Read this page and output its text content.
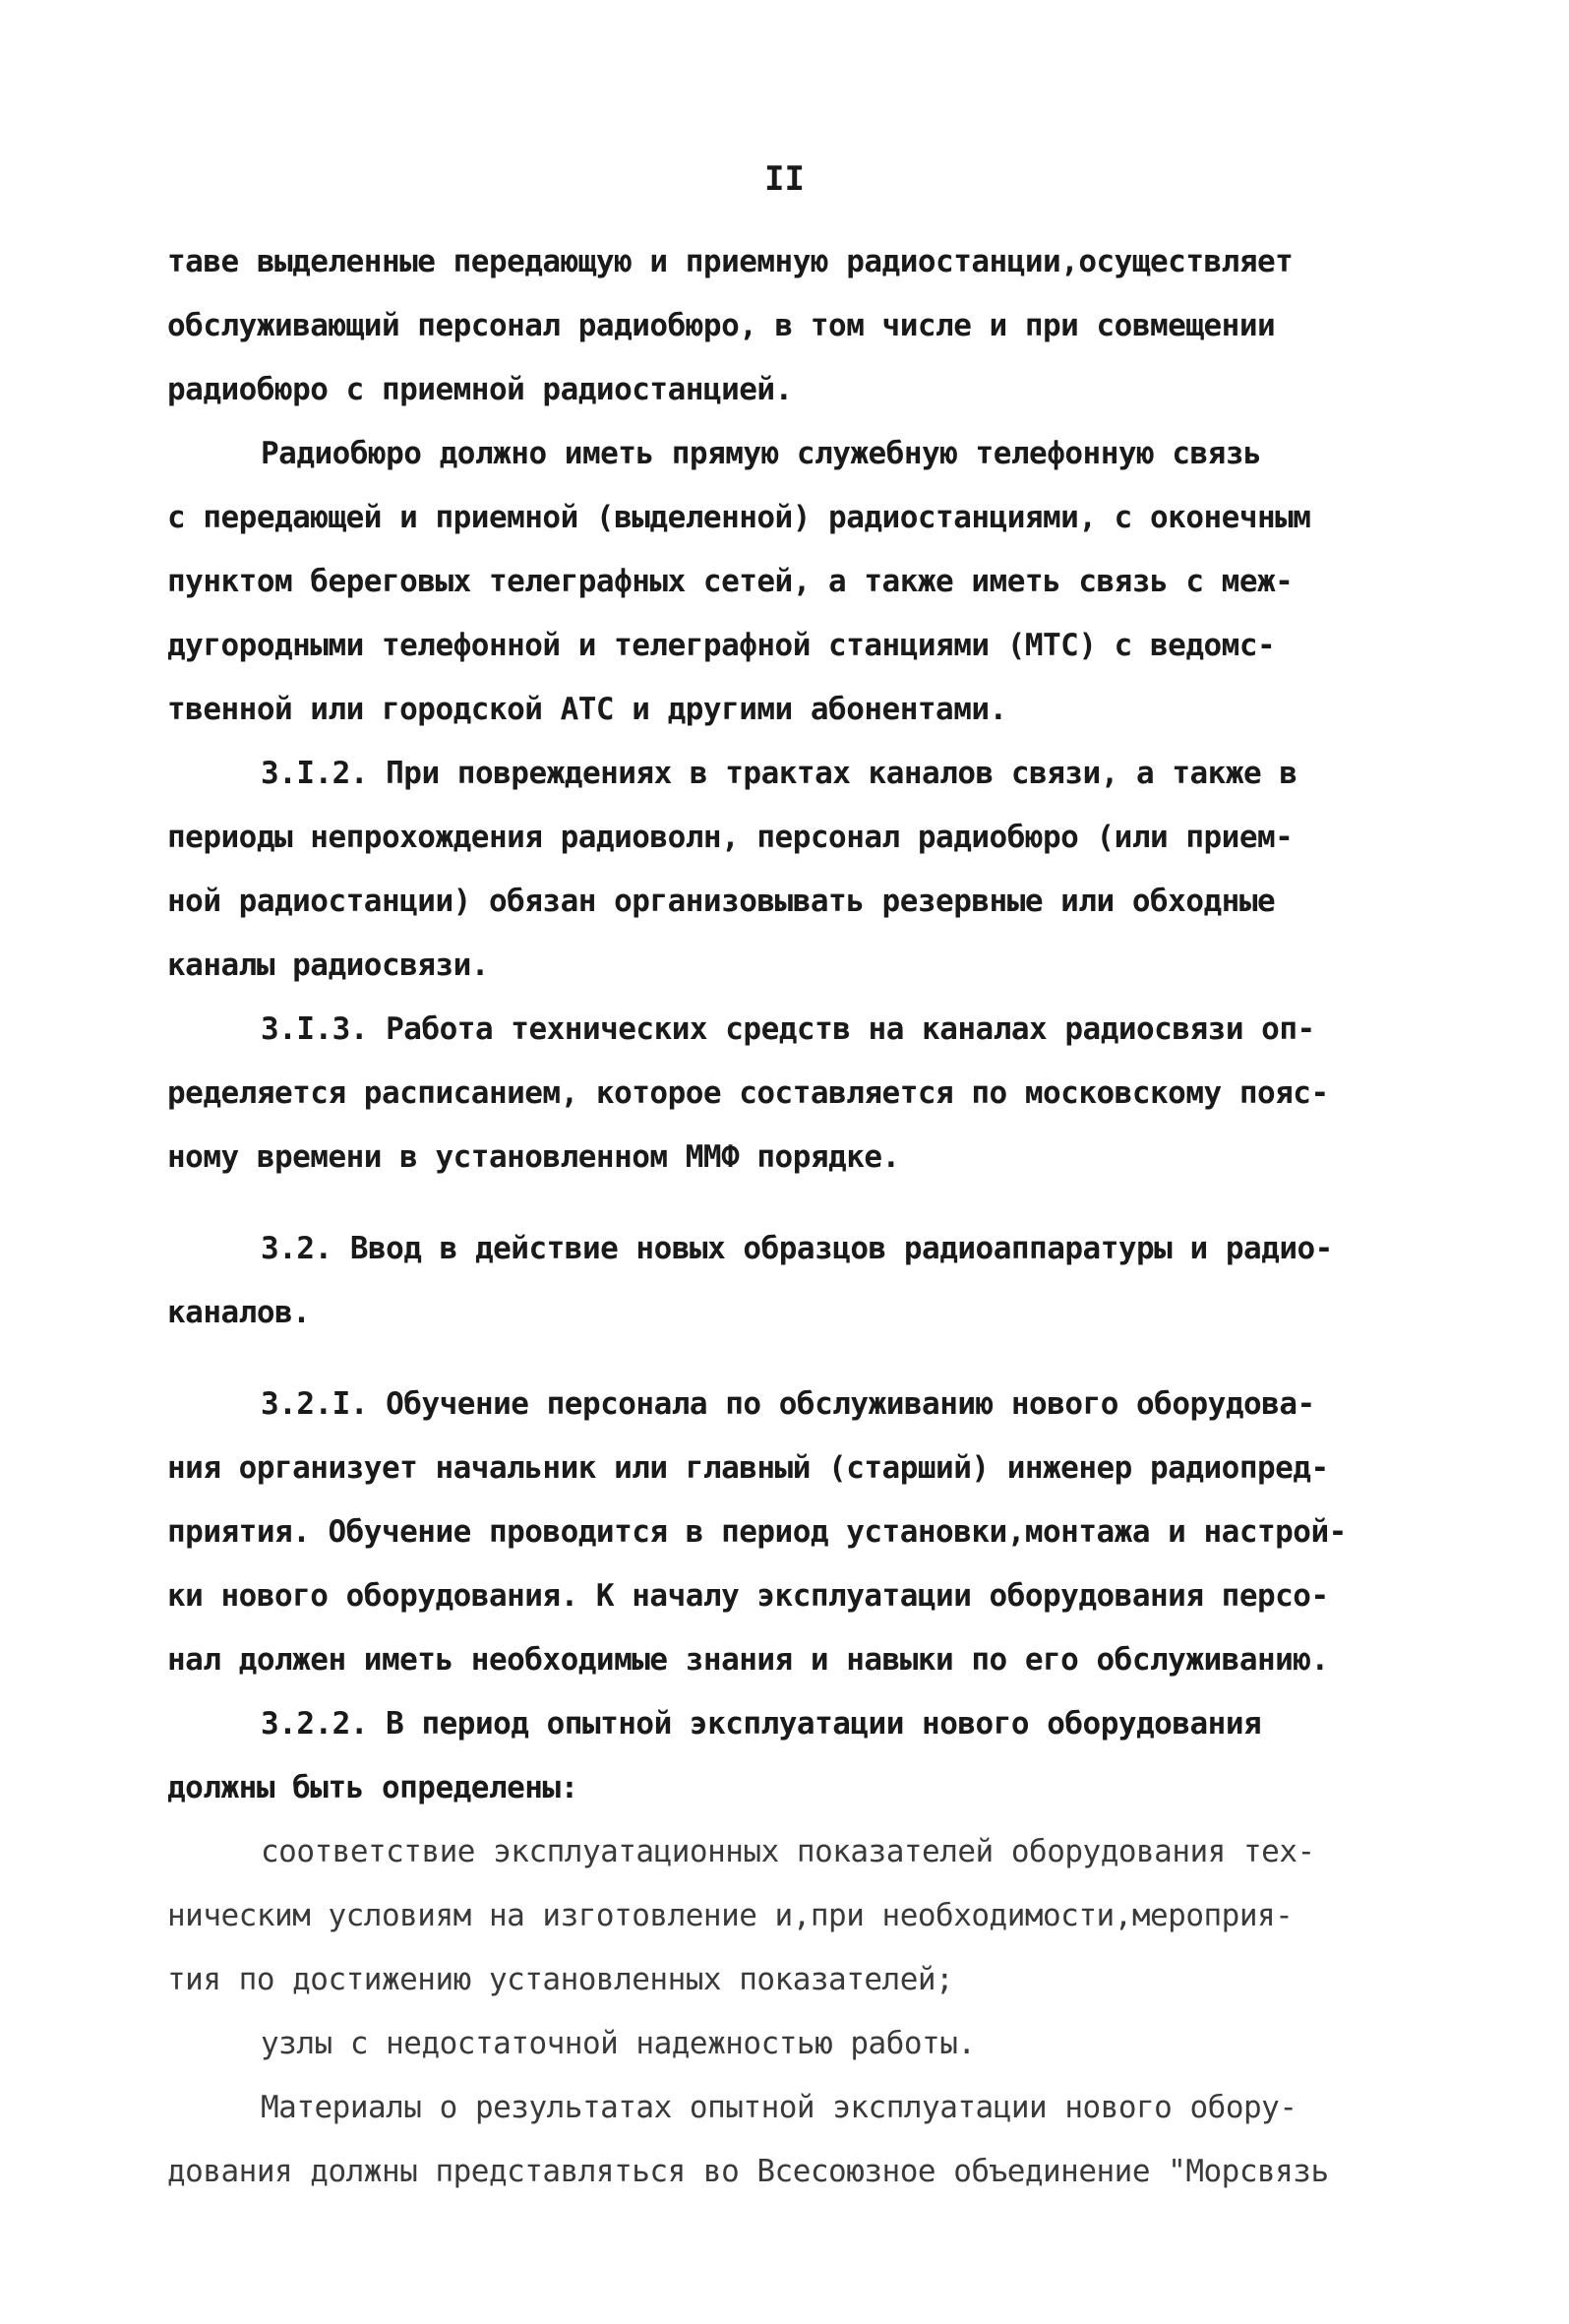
II
таве выделенные передающую и приемную радиостанции,осуществляет
обслуживающий персонал радиобюро, в том числе и при совмещении
радиобюро с приемной радиостанцией.
Радиобюро должно иметь прямую служебную телефонную связь
с передающей и приемной (выделенной) радиостанциями, с оконечным
пунктом береговых телеграфных сетей, а также иметь связь с меж-
дугородными телефонной и телеграфной станциями (МТС) с ведомс-
твенной или городской АТС и другими абонентами.
3.I.2. При повреждениях в трактах каналов связи, а также в
периоды непрохождения радиоволн, персонал радиобюро (или прием-
ной радиостанции) обязан организовывать резервные или обходные
каналы радиосвязи.
3.I.3. Работа технических средств на каналах радиосвязи оп-
ределяется расписанием, которое составляется по московскому пояс-
ному времени в установленном ММФ порядке.
3.2. Ввод в действие новых образцов радиоаппаратуры и радио-
каналов.
3.2.I. Обучение персонала по обслуживанию нового оборудова-
ния организует начальник или главный (старший) инженер радиопред-
приятия. Обучение проводится в период установки,монтажа и настрой-
ки нового оборудования. К началу эксплуатации оборудования персо-
нал должен иметь необходимые знания и навыки по его обслуживанию.
3.2.2. В период опытной эксплуатации нового оборудования
должны быть определены:
соответствие эксплуатационных показателей оборудования тех-
ническим условиям на изготовление и,при необходимости,мероприя-
тия по достижению установленных показателей;
узлы с недостаточной надежностью работы.
Материалы о результатах опытной эксплуатации нового обору-
дования должны представляться во Всесоюзное объединение "Морсвязь
